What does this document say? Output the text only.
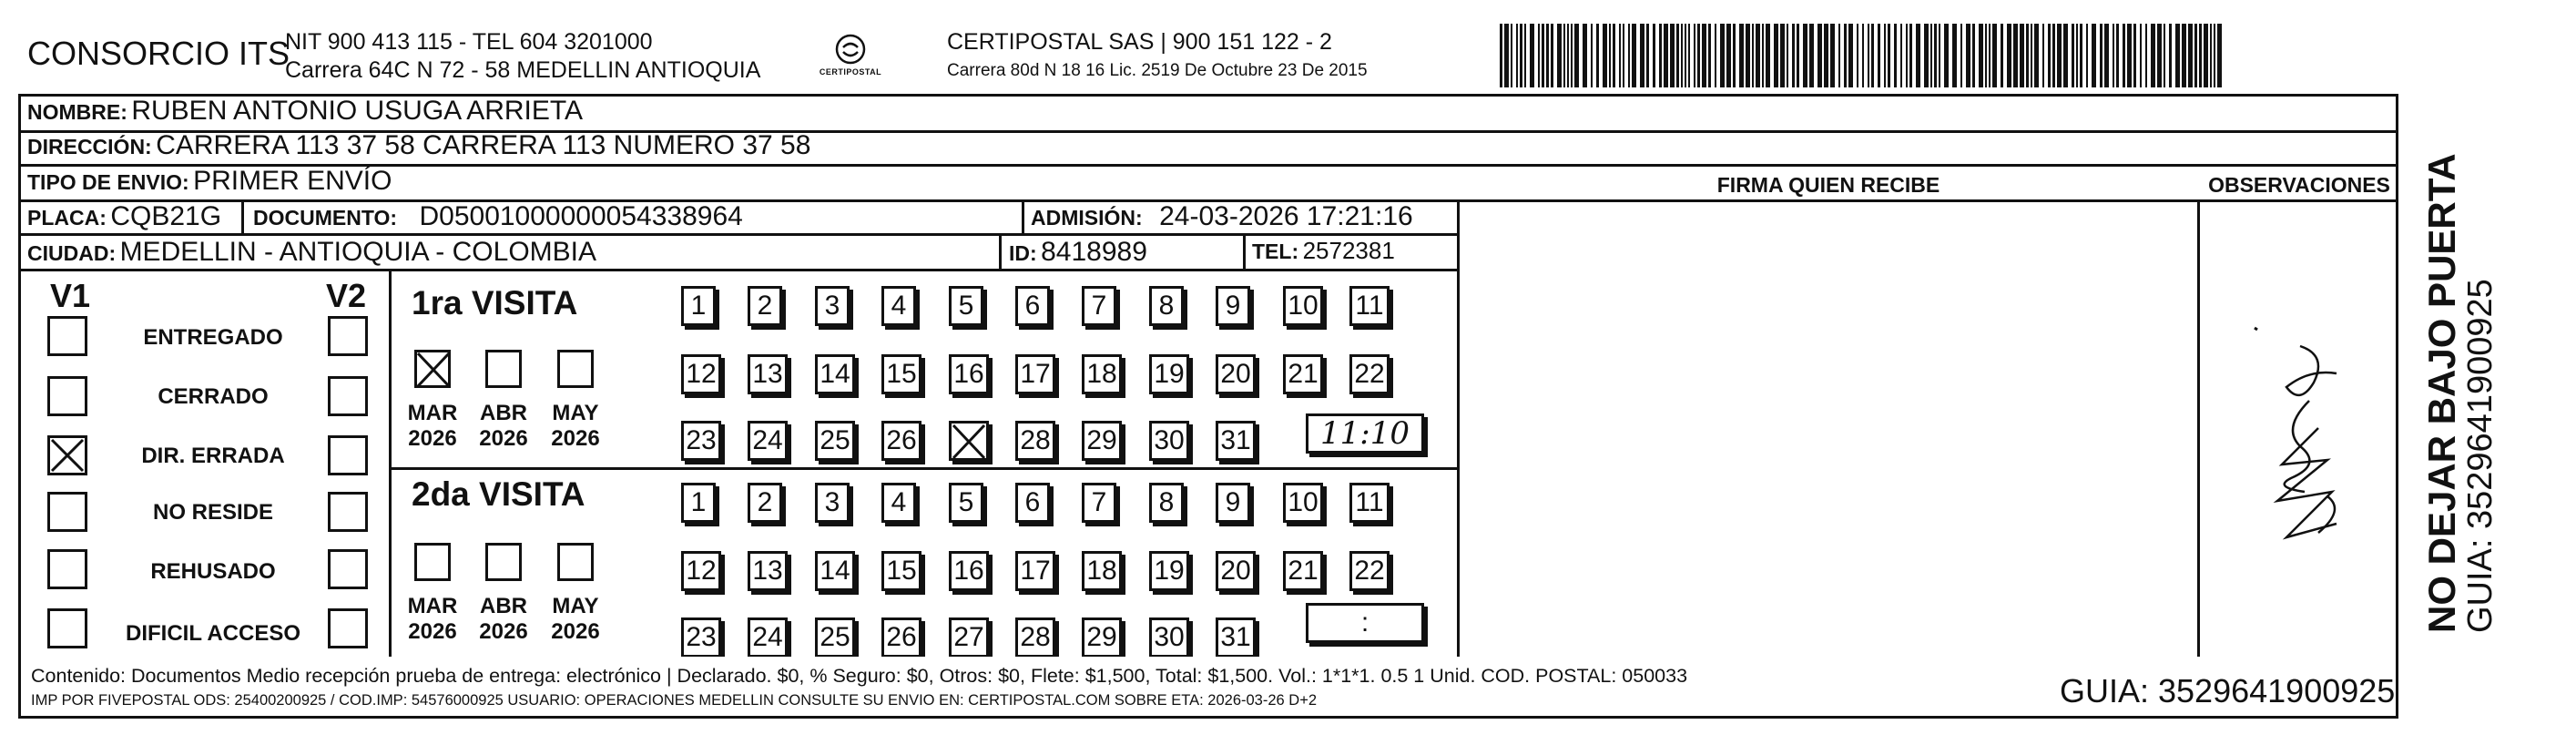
CONSORCIO ITS
NIT 900 413 115 - TEL 604 3201000
Carrera 64C N 72 - 58 MEDELLIN ANTIOQUIA	CERTIPOSTAL
CERTIPOSTAL SAS | 900 151 122 - 2
Carrera 80d N 18 16 Lic. 2519 De Octubre 23 De 2015
NOMBRE: RUBEN ANTONIO USUGA ARRIETA
DIRECCIÓN: CARRERA 113 37 58 CARRERA 113 NUMERO 37 58
TIPO DE ENVIO: PRIMER ENVÍO	FIRMA QUIEN RECIBE	OBSERVACIONES
PLACA: CQB21G DOCUMENTO: D05001000000054338964	ADMISIÓN: 24-03-2026 17:21:16
CIUDAD: MEDELLIN - ANTIOQUIA - COLOMBIA	ID: 8418989	TEL: 2572381
V1	V2
ENTREGADO
CERRADO
DIR. ERRADA
NO RESIDE
REHUSADO
DIFICIL ACCESO
1ra VISITA
MAR
2026
ABR
2026
MAY
2026
1 2 3 4 5 6 7 8 9 10 11
12 13 14 15 16 17 18 19 20 21 22
23 24 25 26	28 29 30 31 11:10
2da VISITA
MAR
2026
ABR
2026
MAY
2026
1 2 3 4 5 6 7 8 9 10 11
12 13 14 15 16 17 18 19 20 21 22
23 24 25 26 27 28 29 30 31	:
Contenido: Documentos Medio recepción prueba de entrega: electrónico | Declarado. $0, % Seguro: $0, Otros: $0, Flete: $1,500, Total: $1,500. Vol.: 1*1*1. 0.5 1 Unid. COD. POSTAL: 050033
IMP POR FIVEPOSTAL ODS: 25400200925 / COD.IMP: 54576000925 USUARIO: OPERACIONES MEDELLIN CONSULTE SU ENVIO EN: CERTIPOSTAL.COM SOBRE ETA: 2026-03-26 D+2	GUIA: 3529641900925
NO DEJAR BAJO PUERTA
GUIA: 3529641900925
